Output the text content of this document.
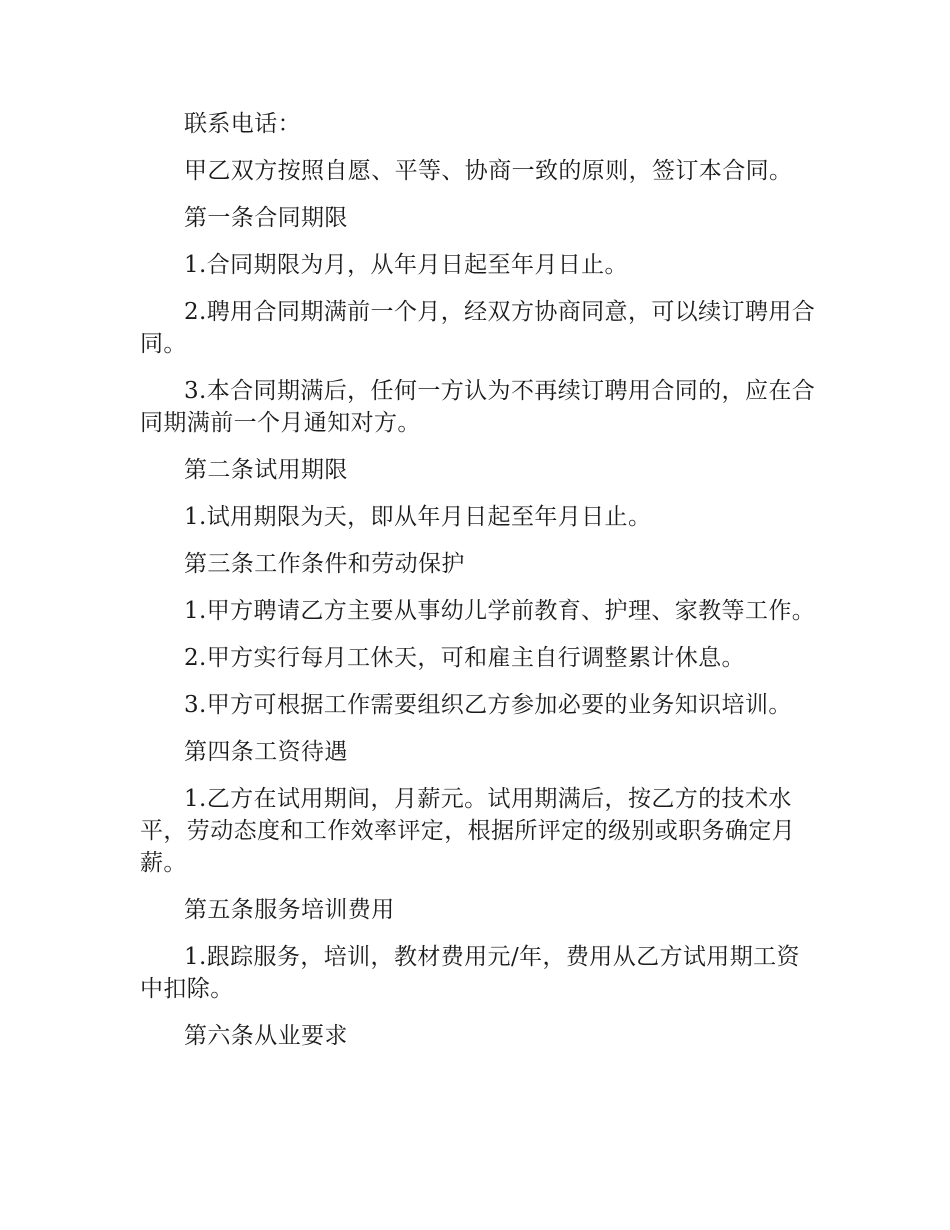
联系电话：

甲乙双方按照自愿、平等、协商一致的原则，签订本合同。

第一条合同期限

1.合同期限为月，从年月日起至年月日止。

2.聘用合同期满前一个月，经双方协商同意，可以续订聘用合同。

3.本合同期满后，任何一方认为不再续订聘用合同的，应在合同期满前一个月通知对方。

第二条试用期限

1.试用期限为天，即从年月日起至年月日止。

第三条工作条件和劳动保护

1.甲方聘请乙方主要从事幼儿学前教育、护理、家教等工作。

2.甲方实行每月工休天，可和雇主自行调整累计休息。

3.甲方可根据工作需要组织乙方参加必要的业务知识培训。

第四条工资待遇

1.乙方在试用期间，月薪元。试用期满后，按乙方的技术水平，劳动态度和工作效率评定，根据所评定的级别或职务确定月薪。

第五条服务培训费用

1.跟踪服务，培训，教材费用元/年，费用从乙方试用期工资中扣除。

第六条从业要求
